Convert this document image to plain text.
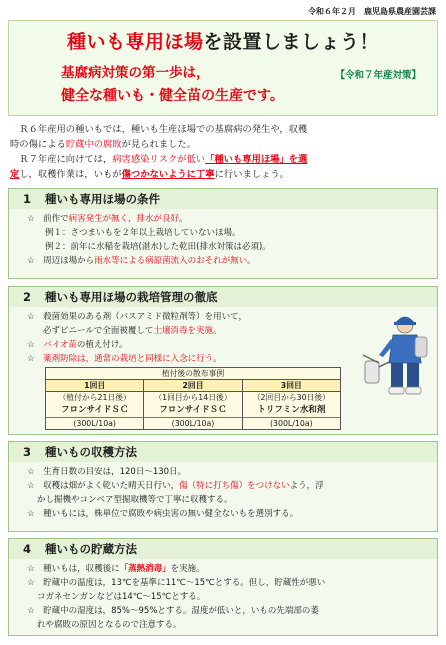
令和６年２月　鹿児島県農産園芸課
種いも専用ほ場を設置しましょう！
基腐病対策の第一歩は，
健全な種いも・健全苗の生産です。
【令和７年産対策】

　Ｒ６年産用の種いもでは，種いも生産ほ場での基腐病の発生や，収穫

時の傷による貯蔵中の腐敗が見られました。

　Ｒ７年産に向けては，病害感染リスクが低い「種いも専用ほ場」を選

定し，収穫作業は，いもが傷つかないように丁寧に行いましょう。

1 種いも専用ほ場の条件
☆　前作で病害発生が無く，排水が良好。
例１：さつまいもを２年以上栽培していないほ場。
例２：前年に水稲を栽培(湛水)した乾田(排水対策は必須)。
☆　周辺ほ場から雨水等による病原菌流入のおそれが無い。
2 種いも専用ほ場の栽培管理の徹底
☆　殺菌効果のある剤（バスアミド微粒剤等）を用いて，
必ずビニールで全面被覆して土壌消毒を実施。
☆　バイオ苗の植え付け。
☆　薬剤防除は，通常の栽培と同様に入念に行う。
植付後の散布事例
1回目
（植付から21日後）
フロンサイドＳＣ
(300L/10a)
2回目
（1回目から14日後）
フロンサイドＳＣ
(300L/10a)
3回目
（2回目から30日後）
トリフミン水和剤
(300L/10a)
3 種いもの収穫方法
☆　生育日数の目安は，120日～130日。
☆　収穫は畑がよく乾いた晴天日行い，傷（特に打ち傷）をつけないよう，浮
かし掘機やコンベア型掘取機等で丁寧に収穫する。
☆　種いもには，株単位で腐敗や病虫害の無い健全ないもを選別する。
4 種いもの貯蔵方法
☆　種いもは，収穫後に「蒸熱消毒」を実施。
☆　貯蔵中の温度は，13℃を基準に11℃～15℃とする。但し，貯蔵性が悪い
コガネセンガンなどは14℃～15℃とする。
☆　貯蔵中の湿度は，85%～95%とする。湿度が低いと，いもの先端部の萎
れや腐敗の原因となるので注意する。
